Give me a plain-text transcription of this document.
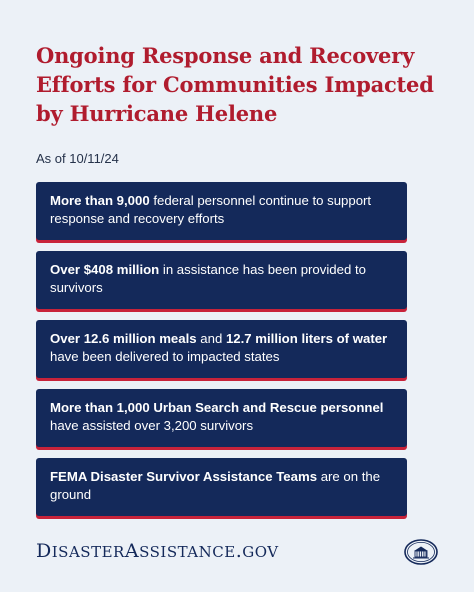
Ongoing Response and Recovery Efforts for Communities Impacted by Hurricane Helene
As of 10/11/24
More than 9,000 federal personnel continue to support response and recovery efforts
Over $408 million in assistance has been provided to survivors
Over 12.6 million meals and 12.7 million liters of water have been delivered to impacted states
More than 1,000 Urban Search and Rescue personnel have assisted over 3,200 survivors
FEMA Disaster Survivor Assistance Teams are on the ground
DISASTERASSISTANCE.GOV
